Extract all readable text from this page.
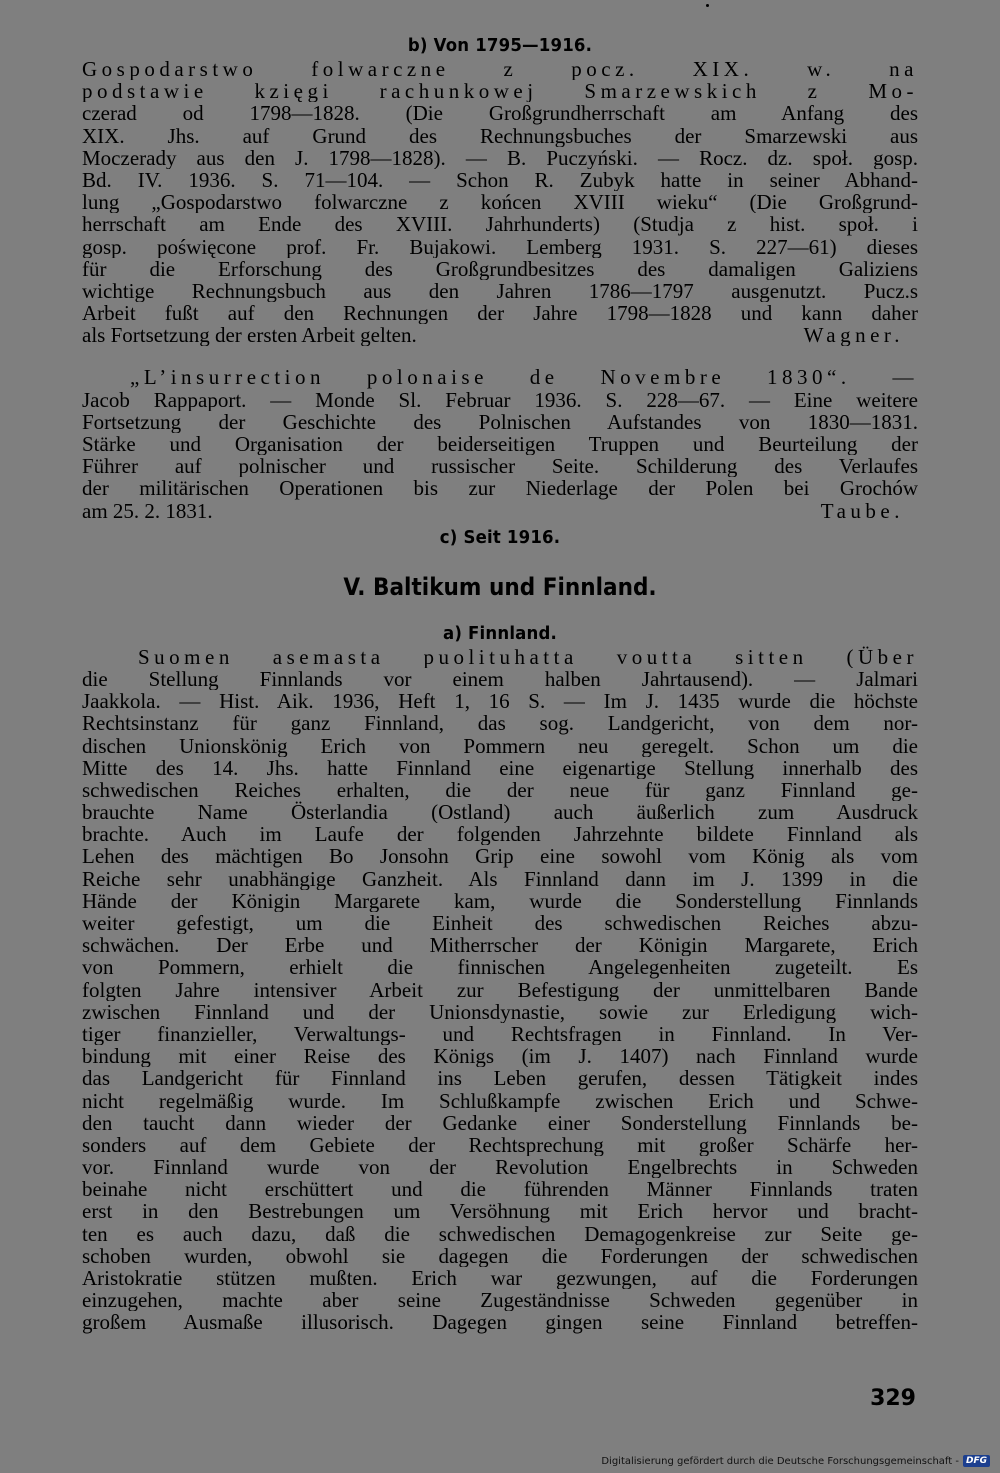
b) Von 1795—1916.
Gospodarstwo folwarczne z pocz. XIX. w. na
podstawie kzięgi rachunkowej Smarzewskich z Mo-
czerad od 1798—1828. (Die Großgrundherrschaft am Anfang des
XIX. Jhs. auf Grund des Rechnungsbuches der Smarzewski aus
Moczerady aus den J. 1798—1828). — B. Puczyński. — Rocz. dz. społ. gosp.
Bd. IV. 1936. S. 71—104. — Schon R. Zubyk hatte in seiner Abhand-
lung „Gospodarstwo folwarczne z końcen XVIII wieku“ (Die Großgrund-
herrschaft am Ende des XVIII. Jahrhunderts) (Studja z hist. społ. i
gosp. poświęcone prof. Fr. Bujakowi. Lemberg 1931. S. 227—61) dieses
für die Erforschung des Großgrundbesitzes des damaligen Galiziens
wichtige Rechnungsbuch aus den Jahren 1786—1797 ausgenutzt. Pucz.s
Arbeit fußt auf den Rechnungen der Jahre 1798—1828 und kann daher
als Fortsetzung der ersten Arbeit gelten.	Wagner.
„L’insurrection polonaise de Novembre 1830“. —
Jacob Rappaport. — Monde Sl. Februar 1936. S. 228—67. — Eine weitere
Fortsetzung der Geschichte des Polnischen Aufstandes von 1830—1831.
Stärke und Organisation der beiderseitigen Truppen und Beurteilung der
Führer auf polnischer und russischer Seite. Schilderung des Verlaufes
der militärischen Operationen bis zur Niederlage der Polen bei Grochów
am 25. 2. 1831.	Taube.
c) Seit 1916.
V. Baltikum und Finnland.
a) Finnland.
Suomen asemasta puolituhatta voutta sitten (Über
die Stellung Finnlands vor einem halben Jahrtausend). — Jalmari
Jaakkola. — Hist. Aik. 1936, Heft 1, 16 S. — Im J. 1435 wurde die höchste
Rechtsinstanz für ganz Finnland, das sog. Landgericht, von dem nor-
dischen Unionskönig Erich von Pommern neu geregelt. Schon um die
Mitte des 14. Jhs. hatte Finnland eine eigenartige Stellung innerhalb des
schwedischen Reiches erhalten, die der neue für ganz Finnland ge-
brauchte Name Österlandia (Ostland) auch äußerlich zum Ausdruck
brachte. Auch im Laufe der folgenden Jahrzehnte bildete Finnland als
Lehen des mächtigen Bo Jonsohn Grip eine sowohl vom König als vom
Reiche sehr unabhängige Ganzheit. Als Finnland dann im J. 1399 in die
Hände der Königin Margarete kam, wurde die Sonderstellung Finnlands
weiter gefestigt, um die Einheit des schwedischen Reiches abzu-
schwächen. Der Erbe und Mitherrscher der Königin Margarete, Erich
von Pommern, erhielt die finnischen Angelegenheiten zugeteilt. Es
folgten Jahre intensiver Arbeit zur Befestigung der unmittelbaren Bande
zwischen Finnland und der Unionsdynastie, sowie zur Erledigung wich-
tiger finanzieller, Verwaltungs- und Rechtsfragen in Finnland. In Ver-
bindung mit einer Reise des Königs (im J. 1407) nach Finnland wurde
das Landgericht für Finnland ins Leben gerufen, dessen Tätigkeit indes
nicht regelmäßig wurde. Im Schlußkampfe zwischen Erich und Schwe-
den taucht dann wieder der Gedanke einer Sonderstellung Finnlands be-
sonders auf dem Gebiete der Rechtsprechung mit großer Schärfe her-
vor. Finnland wurde von der Revolution Engelbrechts in Schweden
beinahe nicht erschüttert und die führenden Männer Finnlands traten
erst in den Bestrebungen um Versöhnung mit Erich hervor und bracht-
ten es auch dazu, daß die schwedischen Demagogenkreise zur Seite ge-
schoben wurden, obwohl sie dagegen die Forderungen der schwedischen
Aristokratie stützen mußten. Erich war gezwungen, auf die Forderungen
einzugehen, machte aber seine Zugeständnisse Schweden gegenüber in
großem Ausmaße illusorisch. Dagegen gingen seine Finnland betreffen-
329
Digitalisierung gefördert durch die Deutsche Forschungsgemeinschaft - DFG
